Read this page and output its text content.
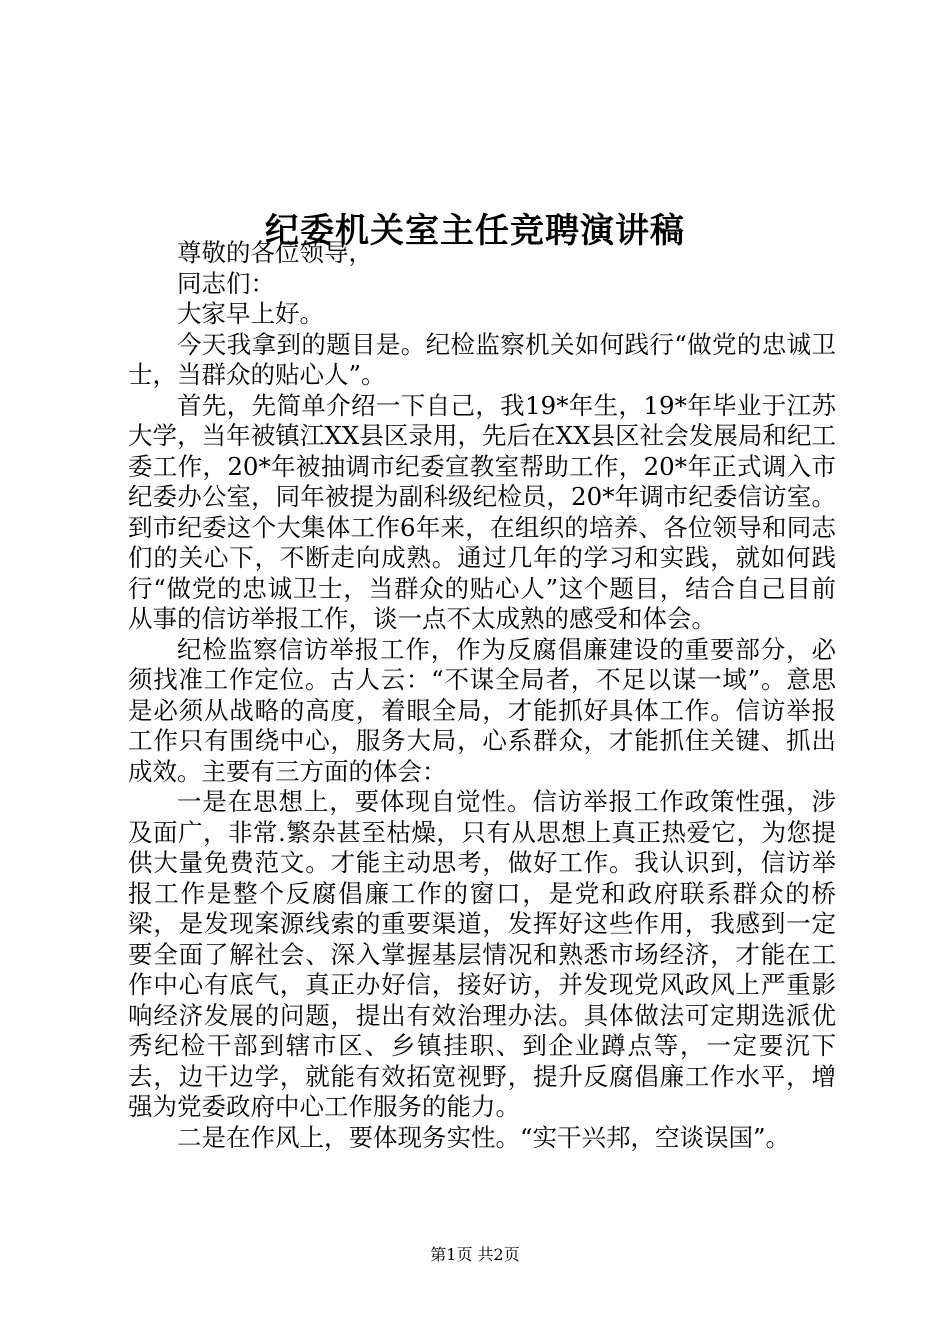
纪委机关室主任竞聘演讲稿

尊敬的各位领导，

同志们：

大家早上好。

今天我拿到的题目是。纪检监察机关如何践行“做党的忠诚卫士，当群众的贴心人”。

首先，先简单介绍一下自己，我19*年生，19*年毕业于江苏大学，当年被镇江XX县区录用，先后在XX县区社会发展局和纪工委工作，20*年被抽调市纪委宣教室帮助工作，20*年正式调入市纪委办公室，同年被提为副科级纪检员，20*年调市纪委信访室。到市纪委这个大集体工作6年来，在组织的培养、各位领导和同志们的关心下，不断走向成熟。通过几年的学习和实践，就如何践行“做党的忠诚卫士，当群众的贴心人”这个题目，结合自己目前从事的信访举报工作，谈一点不太成熟的感受和体会。

纪检监察信访举报工作，作为反腐倡廉建设的重要部分，必须找准工作定位。古人云：“不谋全局者，不足以谋一域”。意思是必须从战略的高度，着眼全局，才能抓好具体工作。信访举报工作只有围绕中心，服务大局，心系群众，才能抓住关键、抓出成效。主要有三方面的体会：

一是在思想上，要体现自觉性。信访举报工作政策性强，涉及面广，非常.繁杂甚至枯燥，只有从思想上真正热爱它，为您提供大量免费范文。才能主动思考，做好工作。我认识到，信访举报工作是整个反腐倡廉工作的窗口，是党和政府联系群众的桥梁，是发现案源线索的重要渠道，发挥好这些作用，我感到一定要全面了解社会、深入掌握基层情况和熟悉市场经济，才能在工作中心有底气，真正办好信，接好访，并发现党风政风上严重影响经济发展的问题，提出有效治理办法。具体做法可定期选派优秀纪检干部到辖市区、乡镇挂职、到企业蹲点等，一定要沉下去，边干边学，就能有效拓宽视野，提升反腐倡廉工作水平，增强为党委政府中心工作服务的能力。

二是在作风上，要体现务实性。“实干兴邦，空谈误国”。

第1页 共2页
